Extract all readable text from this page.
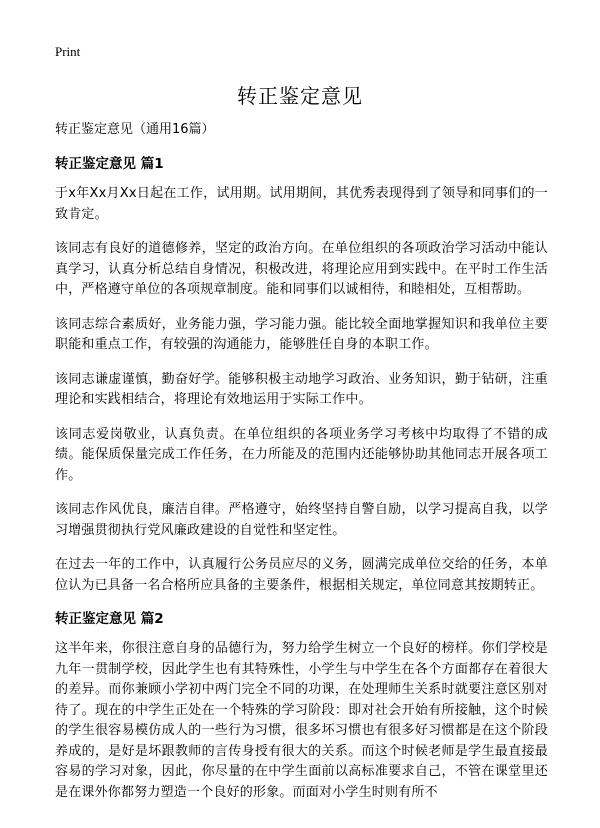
Print
转正鉴定意见

转正鉴定意见（通用16篇）

转正鉴定意见 篇1

于x年Xx月Xx日起在工作，试用期。试用期间，其优秀表现得到了领导和同事们的一致肯定。

该同志有良好的道德修养，坚定的政治方向。在单位组织的各项政治学习活动中能认真学习，认真分析总结自身情况，积极改进，将理论应用到实践中。在平时工作生活中，严格遵守单位的各项规章制度。能和同事们以诚相待，和睦相处，互相帮助。

该同志综合素质好，业务能力强，学习能力强。能比较全面地掌握知识和我单位主要职能和重点工作，有较强的沟通能力，能够胜任自身的本职工作。

该同志谦虚谨慎，勤奋好学。能够积极主动地学习政治、业务知识，勤于钻研，注重理论和实践相结合，将理论有效地运用于实际工作中。

该同志爱岗敬业，认真负责。在单位组织的各项业务学习考核中均取得了不错的成绩。能保质保量完成工作任务，在力所能及的范围内还能够协助其他同志开展各项工作。

该同志作风优良，廉洁自律。严格遵守，始终坚持自警自励，以学习提高自我，以学习增强贯彻执行党风廉政建设的自觉性和坚定性。

在过去一年的工作中，认真履行公务员应尽的义务，圆满完成单位交给的任务，本单位认为已具备一名合格所应具备的主要条件，根据相关规定，单位同意其按期转正。

转正鉴定意见 篇2

这半年来，你很注意自身的品德行为，努力给学生树立一个良好的榜样。你们学校是九年一贯制学校，因此学生也有其特殊性，小学生与中学生在各个方面都存在着很大的差异。而你兼顾小学初中两门完全不同的功课，在处理师生关系时就要注意区别对待了。现在的中学生正处在一个特殊的学习阶段：即对社会开始有所接触，这个时候的学生很容易模仿成人的一些行为习惯，很多坏习惯也有很多好习惯都是在这个阶段养成的，是好是坏跟教师的言传身授有很大的关系。而这个时候老师是学生最直接最容易的学习对象，因此，你尽量的在中学生面前以高标准要求自己，不管在课堂里还是在课外你都努力塑造一个良好的形象。而面对小学生时则有所不
